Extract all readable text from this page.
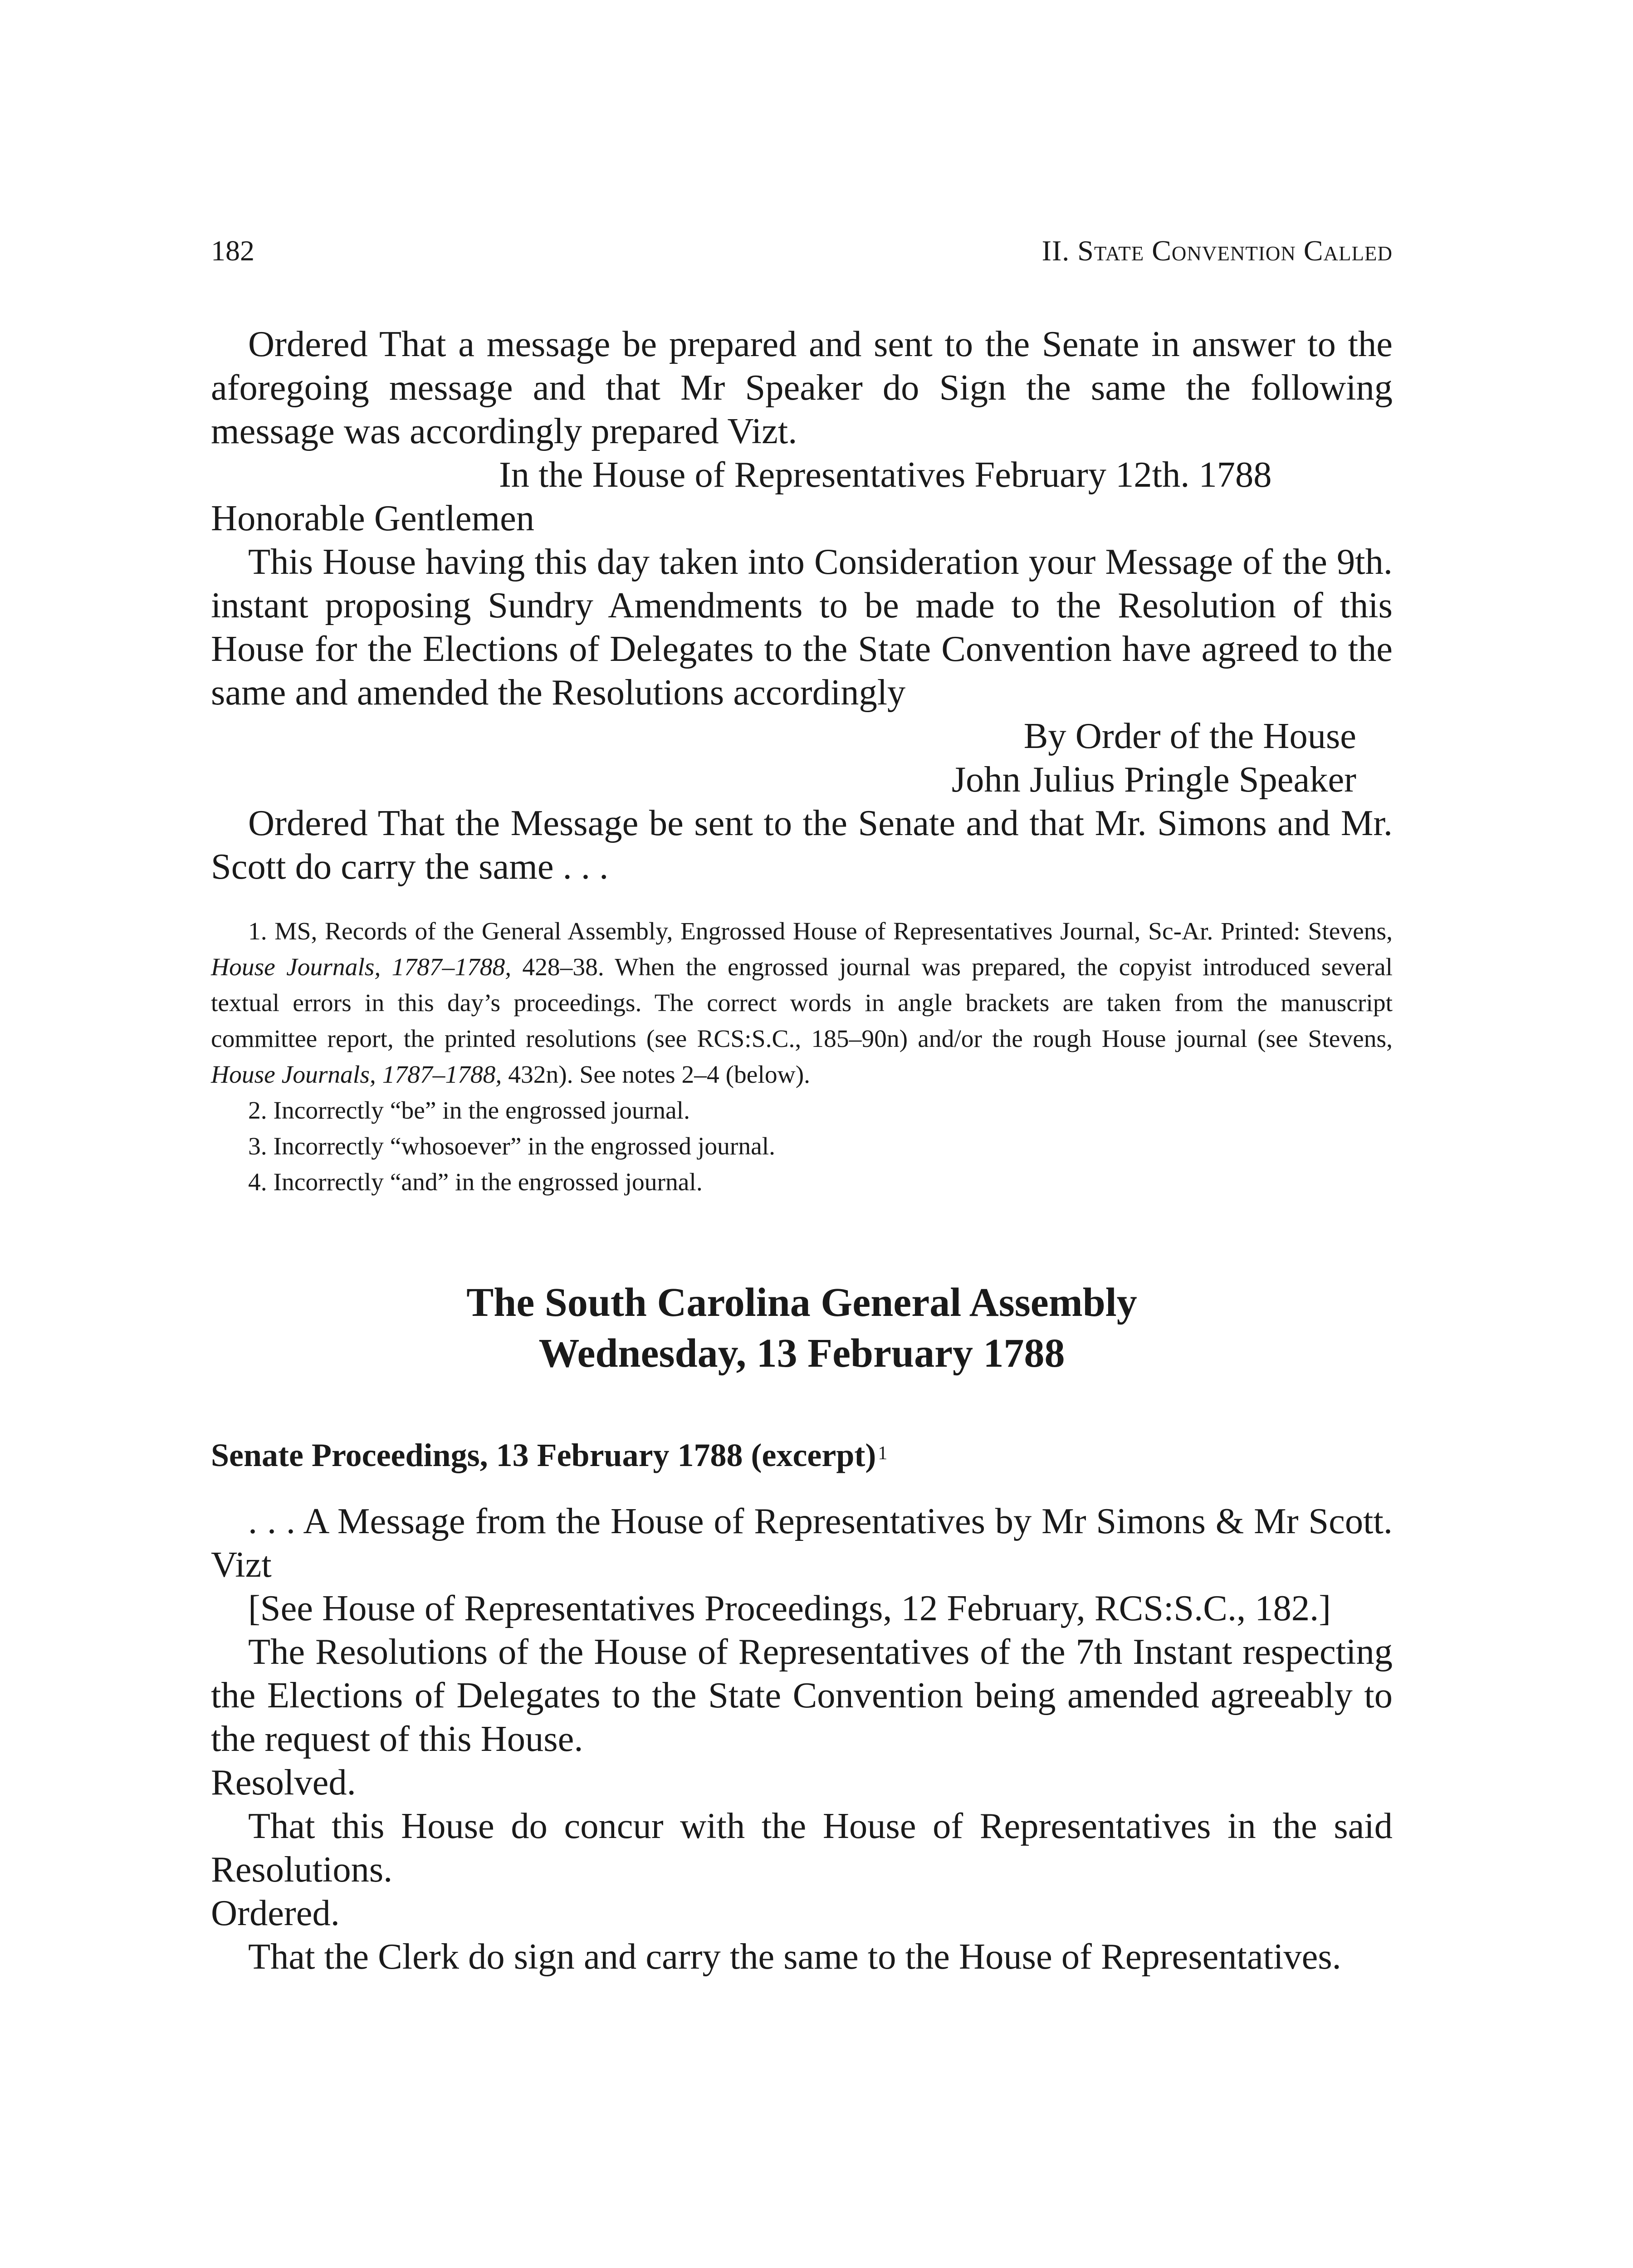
182	II. State Convention Called

Ordered That a message be prepared and sent to the Senate in answer to the aforegoing message and that Mr Speaker do Sign the same the following message was accordingly prepared Vizt.

In the House of Representatives February 12th. 1788

Honorable Gentlemen

This House having this day taken into Consideration your Message of the 9th. instant proposing Sundry Amendments to be made to the Resolution of this House for the Elections of Delegates to the State Convention have agreed to the same and amended the Resolutions accordingly

By Order of the House

John Julius Pringle Speaker

Ordered That the Message be sent to the Senate and that Mr. Simons and Mr. Scott do carry the same . . .

1. MS, Records of the General Assembly, Engrossed House of Representatives Journal, Sc-Ar. Printed: Stevens, House Journals, 1787–1788, 428–38. When the engrossed journal was prepared, the copyist introduced several textual errors in this day’s proceedings. The correct words in angle brackets are taken from the manuscript committee report, the printed resolutions (see RCS:S.C., 185–90n) and/or the rough House journal (see Stevens, House Journals, 1787–1788, 432n). See notes 2–4 (below).

2. Incorrectly “be” in the engrossed journal.

3. Incorrectly “whosoever” in the engrossed journal.

4. Incorrectly “and” in the engrossed journal.

The South Carolina General Assembly
Wednesday, 13 February 1788
Senate Proceedings, 13 February 1788 (excerpt)$^1$

. . . A Message from the House of Representatives by Mr Simons & Mr Scott. Vizt

[See House of Representatives Proceedings, 12 February, RCS:S.C., 182.]

The Resolutions of the House of Representatives of the 7th Instant respecting the Elections of Delegates to the State Convention being amended agreeably to the request of this House.

Resolved.

That this House do concur with the House of Representatives in the said Resolutions.

Ordered.

That the Clerk do sign and carry the same to the House of Representatives.
